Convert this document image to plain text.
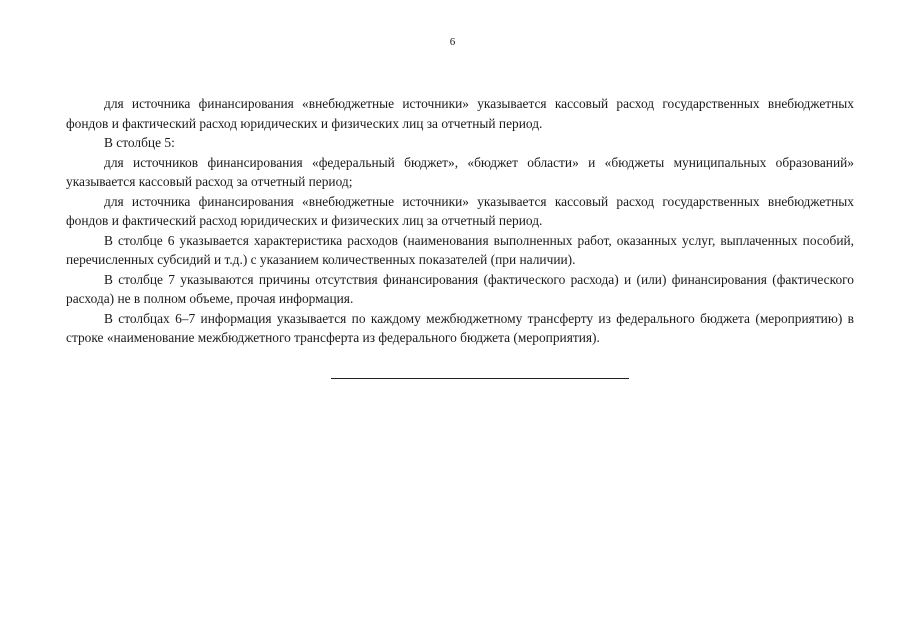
6

для источника финансирования «внебюджетные источники» указывается кассовый расход государственных внебюджетных фондов и фактический расход юридических и физических лиц за отчетный период.

В столбце 5:

для источников финансирования «федеральный бюджет», «бюджет области» и «бюджеты муниципальных образований» указывается кассовый расход за отчетный период;

для источника финансирования «внебюджетные источники» указывается кассовый расход государственных внебюджетных фондов и фактический расход юридических и физических лиц за отчетный период.

В столбце 6 указывается характеристика расходов (наименования выполненных работ, оказанных услуг, выплаченных пособий, перечисленных субсидий и т.д.) с указанием количественных показателей (при наличии).

В столбце 7 указываются причины отсутствия финансирования (фактического расхода) и (или) финансирования (фактического расхода) не в полном объеме, прочая информация.

В столбцах 6–7 информация указывается по каждому межбюджетному трансферту из федерального бюджета (мероприятию) в строке «наименование межбюджетного трансферта из федерального бюджета (мероприятия).
